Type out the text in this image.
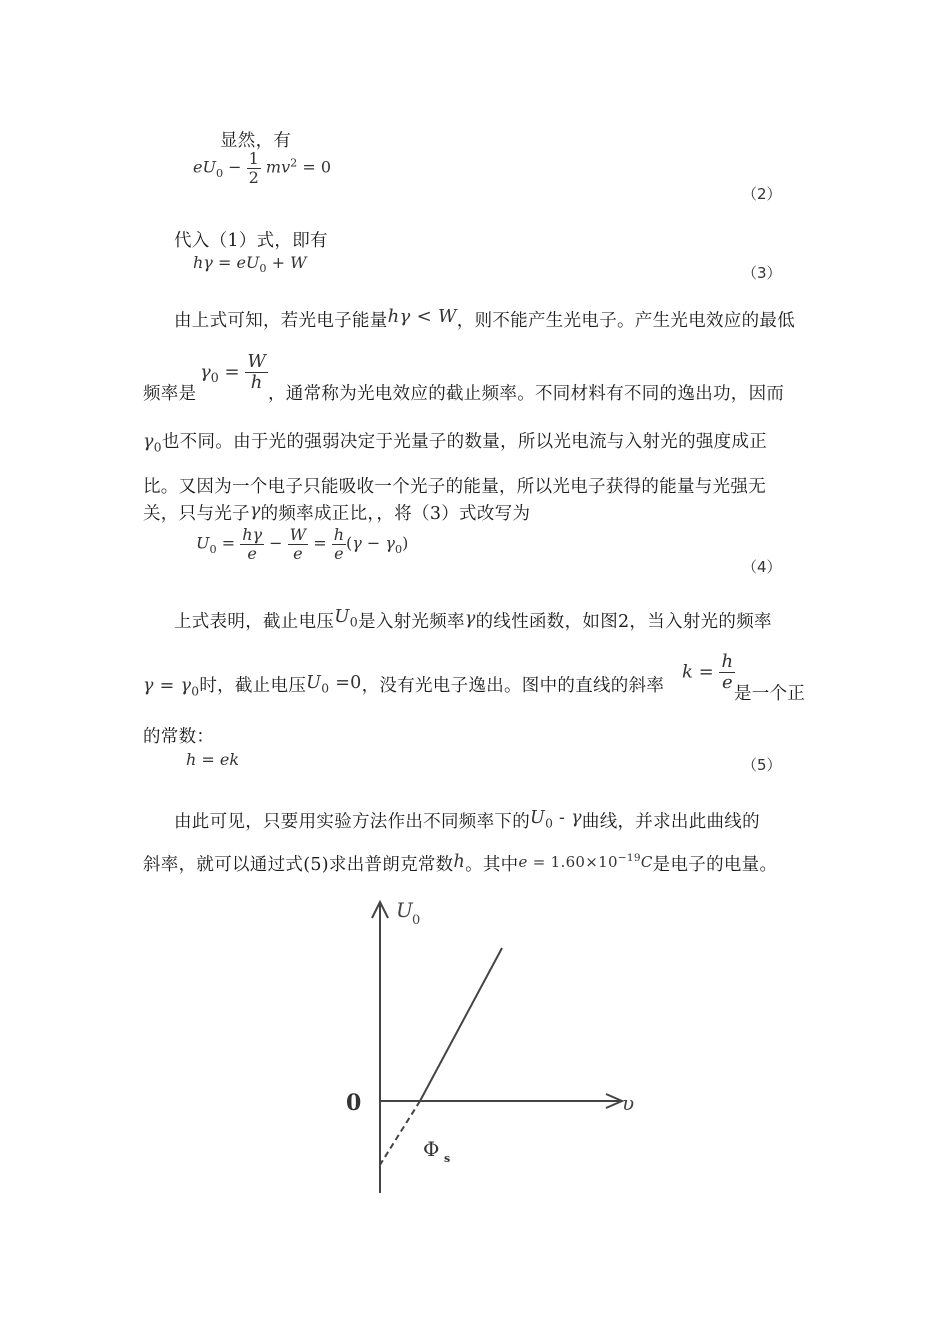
显然，有
$eU_0 - \frac{1}{2} mv^2 = 0$
（2）
代入（1）式，即有
$h\gamma = eU_0 + W$
（3）
由上式可知，若光电子能量hγ < W，则不能产生光电子。产生光电效应的最低
$\gamma_0 = \frac{W}{h}$
频率是	，通常称为光电效应的截止频率。不同材料有不同的逸出功，因而
$\gamma_0$也不同。由于光的强弱决定于光量子的数量，所以光电流与入射光的强度成正
比。又因为一个电子只能吸收一个光子的能量，所以光电子获得的能量与光强无
关，只与光子γ的频率成正比，，将（3）式改写为
$U_0 = \frac{h\gamma}{e} - \frac{W}{e} = \frac{h}{e} (\gamma - \gamma_0)$
（4）
上式表明，截止电压$U_0$是入射光频率γ的线性函数，如图2，当入射光的频率
$\gamma = \gamma_0$时，截止电压$U_0 =0$，没有光电子逸出。图中的直线的斜率
$k = \frac{h}{e}$
是一个正
的常数：
h = ek	（5）
由此可见，只要用实验方法作出不同频率下的$U_0$ - γ曲线，并求出此曲线的
斜率，就可以通过式(5)求出普朗克常数h。其中$e = 1.60\times 10^{-19}C$是电子的电量。
U 0
υ
0
Φ s
